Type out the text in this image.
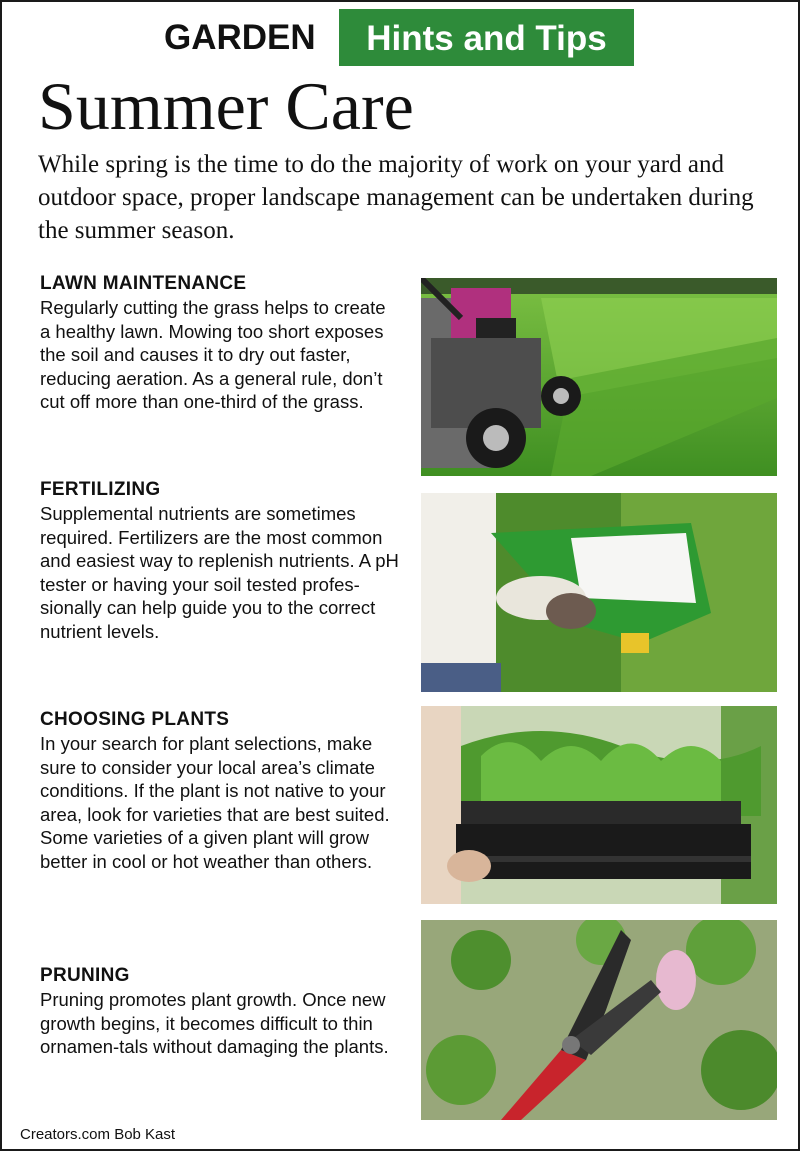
GARDEN	Hints and Tips
Summer Care
While spring is the time to do the majority of work on your yard and outdoor space, proper landscape management can be undertaken during the summer season.
LAWN MAINTENANCE

Regularly cutting the grass helps to create a healthy lawn. Mowing too short exposes the soil and causes it to dry out faster, reducing aeration. As a general rule, don’t cut off more than one-third of the grass.

FERTILIZING

Supplemental nutrients are sometimes required. Fertilizers are the most common and easiest way to replenish nutrients. A pH tester or having your soil tested profes-sionally can help guide you to the correct nutrient levels.

CHOOSING PLANTS

In your search for plant selections, make sure to consider your local area’s climate conditions. If the plant is not native to your area, look for varieties that are best suited. Some varieties of a given plant will grow better in cool or hot weather than others.

PRUNING

Pruning promotes plant growth. Once new growth begins, it becomes difficult to thin ornamen-tals without damaging the plants.

Creators.com Bob Kast
